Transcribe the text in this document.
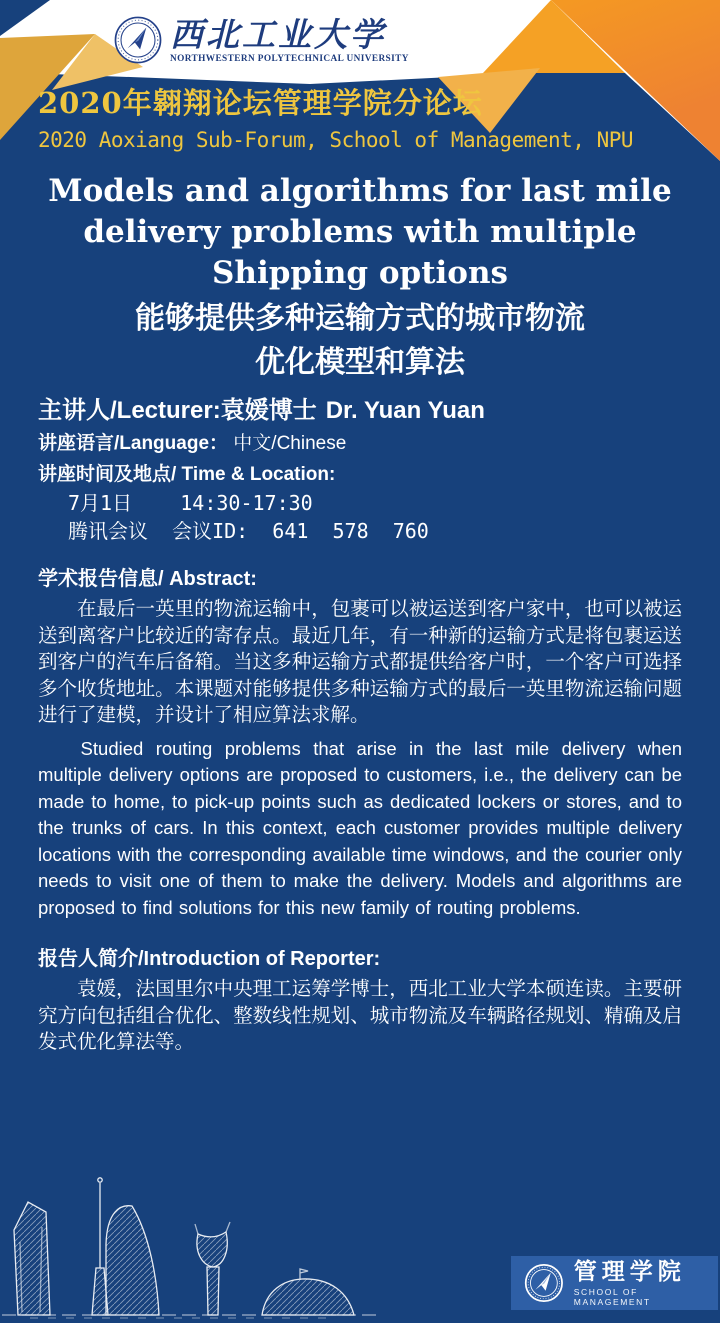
西北工业大学
NORTHWESTERN POLYTECHNICAL UNIVERSITY
2020年翱翔论坛管理学院分论坛
2020 Aoxiang Sub-Forum, School of Management, NPU
Models and algorithms for last mile
delivery problems with multiple
Shipping options
能够提供多种运输方式的城市物流
优化模型和算法
主讲人/Lecturer:袁媛博士 Dr. Yuan Yuan
讲座语言/Language： 中文/Chinese
讲座时间及地点/ Time & Location:
7月1日    14:30-17:30
腾讯会议  会议ID:  641  578  760

学术报告信息/ Abstract:

在最后一英里的物流运输中，包裹可以被运送到客户家中，也可以被运送到离客户比较近的寄存点。最近几年，有一种新的运输方式是将包裹运送到客户的汽车后备箱。当这多种运输方式都提供给客户时，一个客户可选择多个收货地址。本课题对能够提供多种运输方式的最后一英里物流运输问题进行了建模，并设计了相应算法求解。

Studied routing problems that arise in the last mile delivery when multiple delivery options are proposed to customers, i.e., the delivery can be made to home, to pick-up points such as dedicated lockers or stores, and to the trunks of cars. In this context, each customer provides multiple delivery locations with the corresponding available time windows, and the courier only needs to visit one of them to make the delivery. Models and algorithms are proposed to find solutions for this new family of routing problems.

报告人简介/Introduction of Reporter:

袁媛，法国里尔中央理工运筹学博士，西北工业大学本硕连读。主要研究方向包括组合优化、整数线性规划、城市物流及车辆路径规划、精确及启发式优化算法等。

管理学院
SCHOOL OF MANAGEMENT
